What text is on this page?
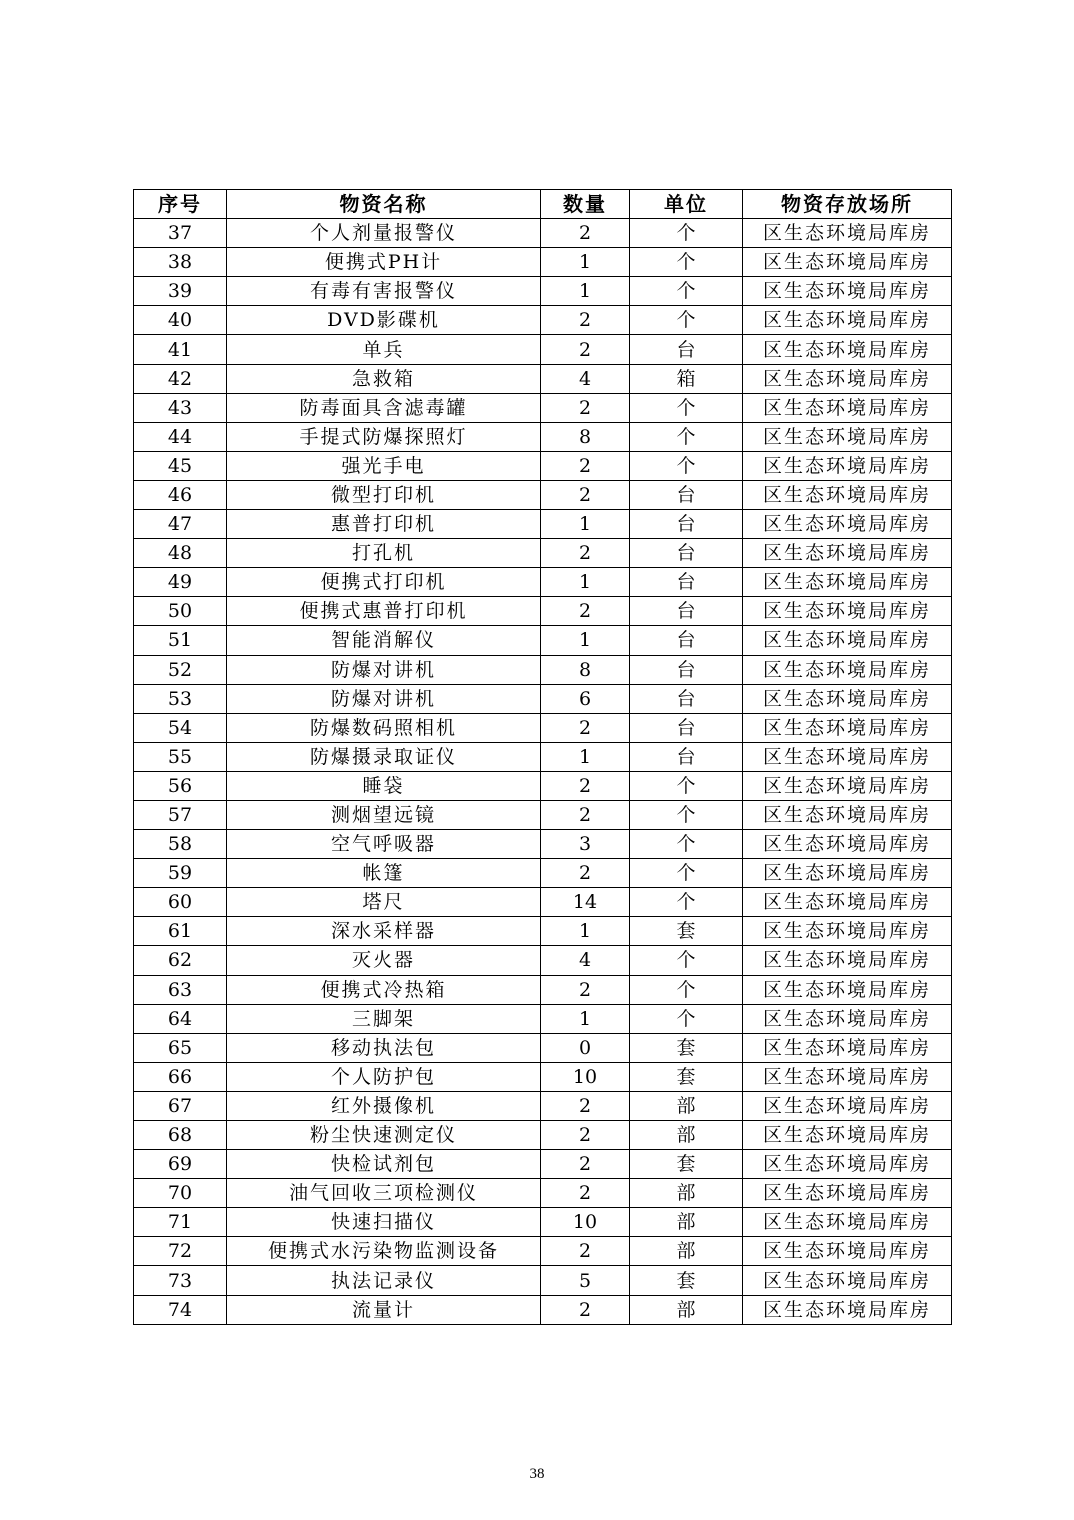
序号	物资名称	数量	单位	物资存放场所
37	个人剂量报警仪	2	个	区生态环境局库房
38	便携式PH计	1	个	区生态环境局库房
39	有毒有害报警仪	1	个	区生态环境局库房
40	DVD影碟机	2	个	区生态环境局库房
41	单兵	2	台	区生态环境局库房
42	急救箱	4	箱	区生态环境局库房
43	防毒面具含滤毒罐	2	个	区生态环境局库房
44	手提式防爆探照灯	8	个	区生态环境局库房
45	强光手电	2	个	区生态环境局库房
46	微型打印机	2	台	区生态环境局库房
47	惠普打印机	1	台	区生态环境局库房
48	打孔机	2	台	区生态环境局库房
49	便携式打印机	1	台	区生态环境局库房
50	便携式惠普打印机	2	台	区生态环境局库房
51	智能消解仪	1	台	区生态环境局库房
52	防爆对讲机	8	台	区生态环境局库房
53	防爆对讲机	6	台	区生态环境局库房
54	防爆数码照相机	2	台	区生态环境局库房
55	防爆摄录取证仪	1	台	区生态环境局库房
56	睡袋	2	个	区生态环境局库房
57	测烟望远镜	2	个	区生态环境局库房
58	空气呼吸器	3	个	区生态环境局库房
59	帐篷	2	个	区生态环境局库房
60	塔尺	14	个	区生态环境局库房
61	深水采样器	1	套	区生态环境局库房
62	灭火器	4	个	区生态环境局库房
63	便携式冷热箱	2	个	区生态环境局库房
64	三脚架	1	个	区生态环境局库房
65	移动执法包	0	套	区生态环境局库房
66	个人防护包	10	套	区生态环境局库房
67	红外摄像机	2	部	区生态环境局库房
68	粉尘快速测定仪	2	部	区生态环境局库房
69	快检试剂包	2	套	区生态环境局库房
70	油气回收三项检测仪	2	部	区生态环境局库房
71	快速扫描仪	10	部	区生态环境局库房
72	便携式水污染物监测设备	2	部	区生态环境局库房
73	执法记录仪	5	套	区生态环境局库房
74	流量计	2	部	区生态环境局库房
38
